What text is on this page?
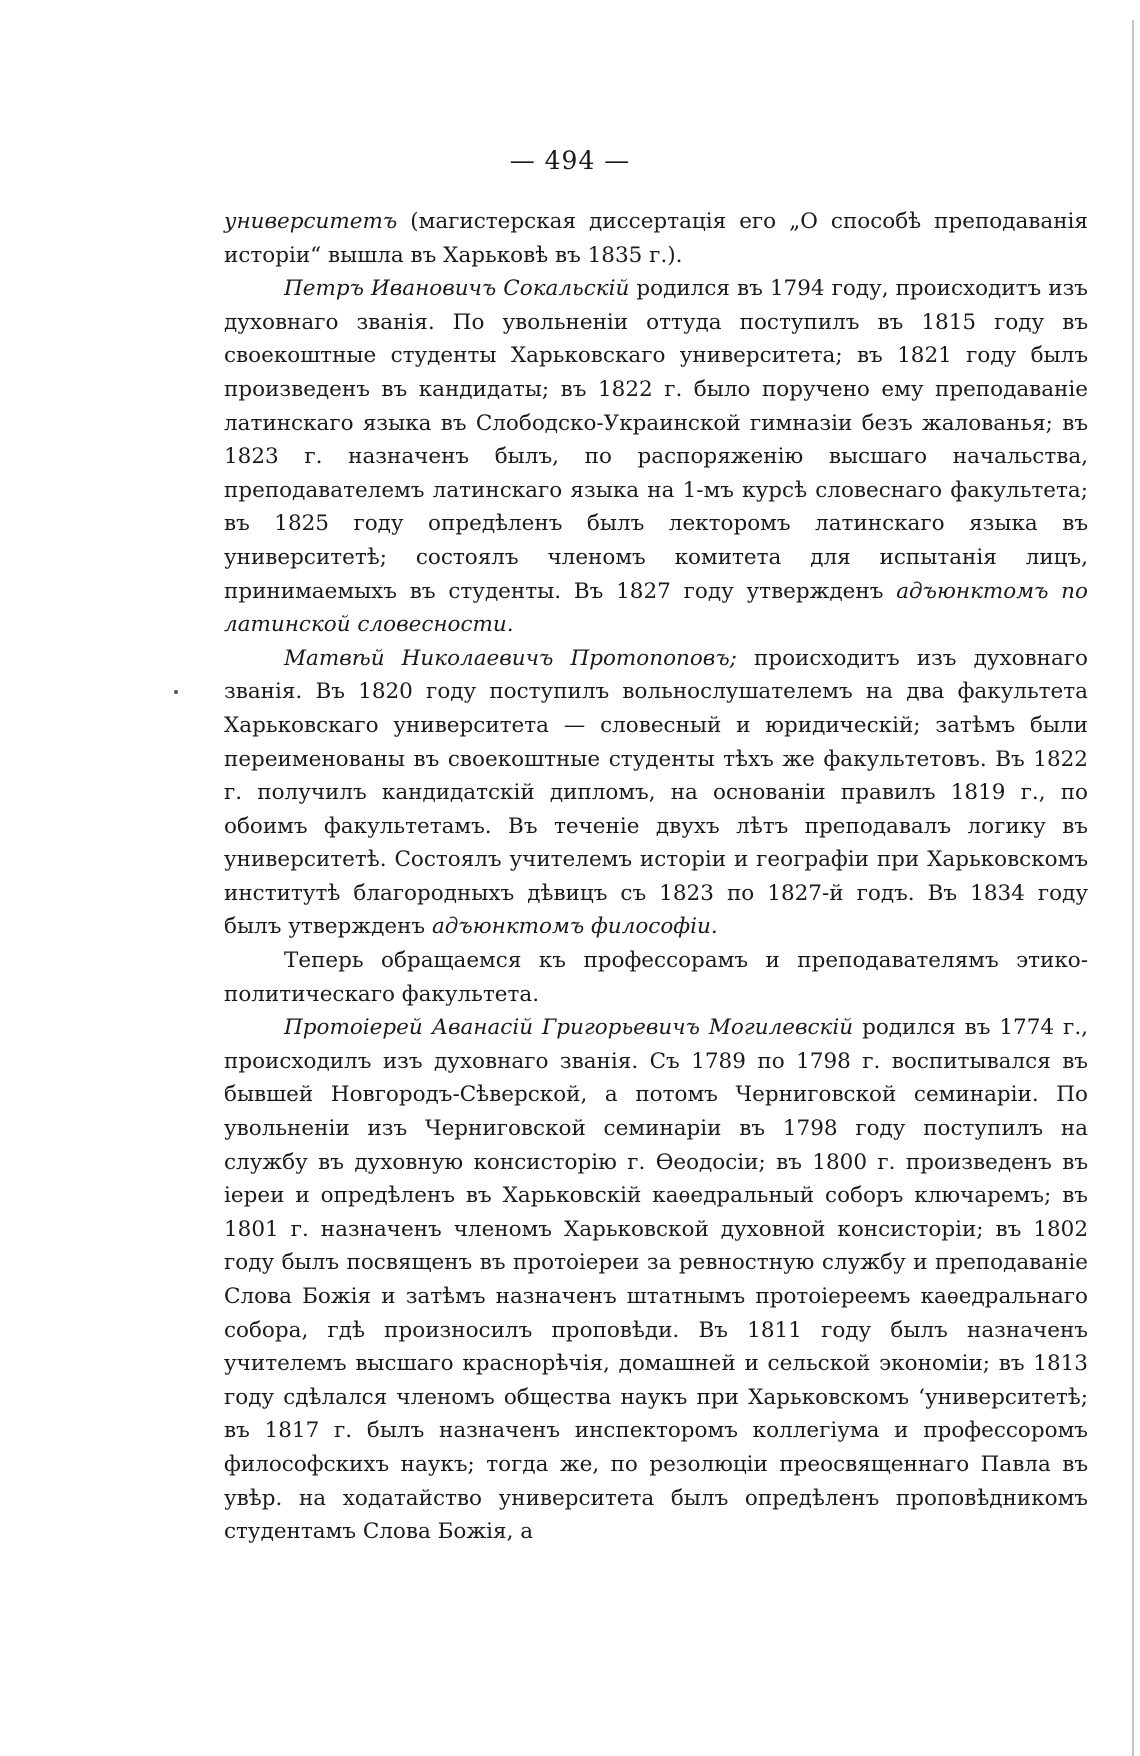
— 494 —

университетъ (магистерская диссертація его „О способѣ преподаванія исторіи“ вышла въ Харьковѣ въ 1835 г.).

Петръ Ивановичъ Сокальскій родился въ 1794 году, происходитъ изъ духовнаго званія. По увольненіи оттуда поступилъ въ 1815 году въ своекоштные студенты Харьковскаго университета; въ 1821 году былъ произведенъ въ кандидаты; въ 1822 г. было поручено ему преподаваніе латинскаго языка въ Слободско-Украинской гимназіи безъ жалованья; въ 1823 г. назначенъ былъ, по распоряженію высшаго начальства, преподавателемъ латинскаго языка на 1-мъ курсѣ словеснаго факультета; въ 1825 году опредѣленъ былъ лекторомъ латинскаго языка въ университетѣ; состоялъ членомъ комитета для испытанія лицъ, принимаемыхъ въ студенты. Въ 1827 году утвержденъ адъюнктомъ по латинской словесности.

Матвѣй Николаевичъ Протопоповъ; происходитъ изъ духовнаго званія. Въ 1820 году поступилъ вольнослушателемъ на два факультета Харьковскаго университета — словесный и юридическій; затѣмъ были переименованы въ своекоштные студенты тѣхъ же факультетовъ. Въ 1822 г. получилъ кандидатскій дипломъ, на основаніи правилъ 1819 г., по обоимъ факультетамъ. Въ теченіе двухъ лѣтъ преподавалъ логику въ университетѣ. Состоялъ учителемъ исторіи и географіи при Харьковскомъ институтѣ благородныхъ дѣвицъ съ 1823 по 1827-й годъ. Въ 1834 году былъ утвержденъ адъюнктомъ философіи.

Теперь обращаемся къ профессорамъ и преподавателямъ этико-политическаго факультета.

Протоіерей Аванасій Григорьевичъ Могилевскій родился въ 1774 г., происходилъ изъ духовнаго званія. Съ 1789 по 1798 г. воспитывался въ бывшей Новгородъ-Сѣверской, а потомъ Черниговской семинаріи. По увольненіи изъ Черниговской семинаріи въ 1798 году поступилъ на службу въ духовную консисторію г. Өеодосіи; въ 1800 г. произведенъ въ іереи и опредѣленъ въ Харьковскій каѳедральный соборъ ключаремъ; въ 1801 г. назначенъ членомъ Харьковской духовной консисторіи; въ 1802 году былъ посвященъ въ протоіереи за ревностную службу и преподаваніе Слова Божія и затѣмъ назначенъ штатнымъ протоіереемъ каѳедральнаго собора, гдѣ произносилъ проповѣди. Въ 1811 году былъ назначенъ учителемъ высшаго краснорѣчія, домашней и сельской экономіи; въ 1813 году сдѣлался членомъ общества наукъ при Харьковскомъ ʻуниверситетѣ; въ 1817 г. былъ назначенъ инспекторомъ коллегіума и профессоромъ философскихъ наукъ; тогда же, по резолюціи преосвященнаго Павла въ увѣр. на ходатайство университета былъ опредѣленъ проповѣдникомъ студентамъ Слова Божія, а
